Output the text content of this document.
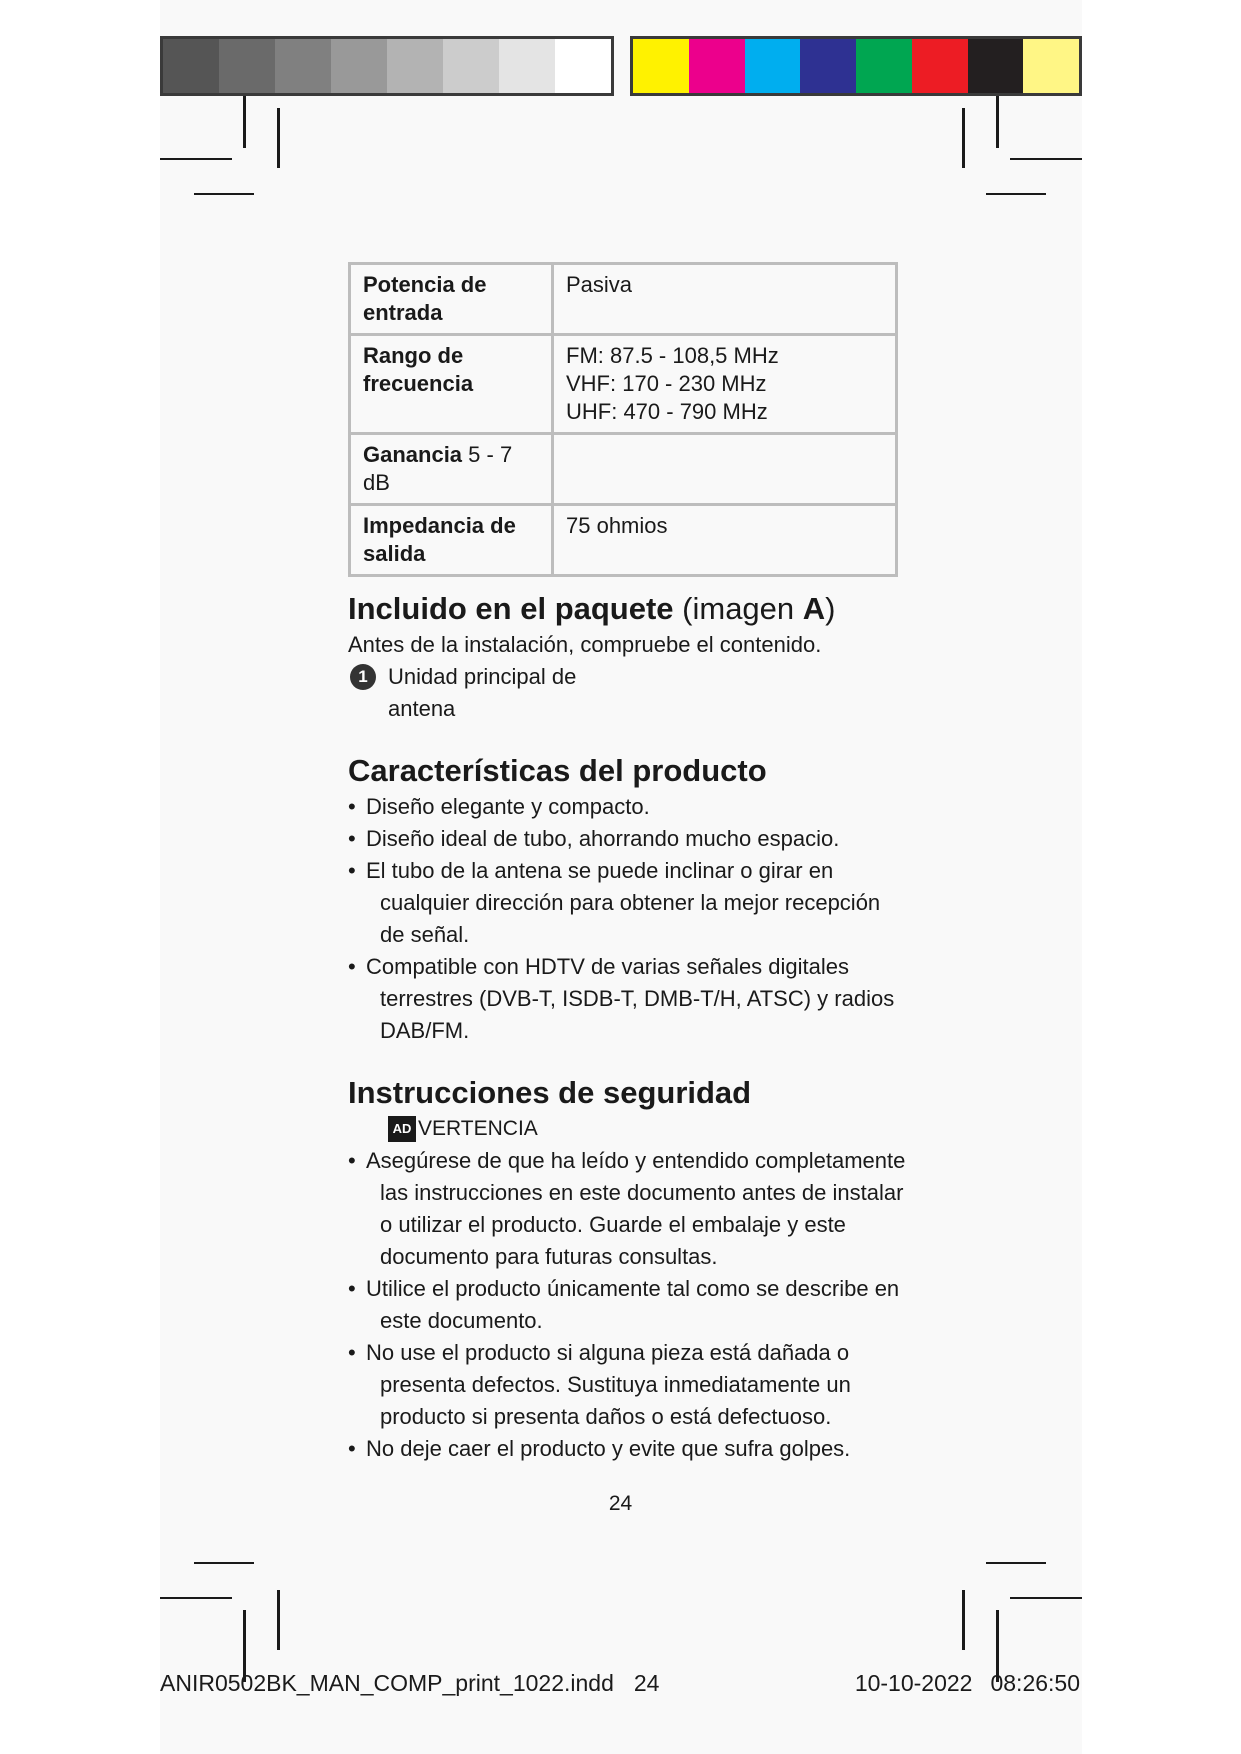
Potencia de entrada	Pasiva

Rango de frecuencia	FM: 87.5 - 108,5 MHz
VHF: 170 - 230 MHz
UHF: 470 - 790 MHz

Ganancia 5 - 7 dB	

Impedancia de salida	75 ohmios
Incluido en el paquete (imagen A)

Antes de la instalación, compruebe el contenido.

1 Unidad principal de antena
Características del producto
• Diseño elegante y compacto.
• Diseño ideal de tubo, ahorrando mucho espacio.
• El tubo de la antena se puede inclinar o girar en cualquier dirección para obtener la mejor recepción de señal.
• Compatible con HDTV de varias señales digitales terrestres (DVB-T, ISDB-T, DMB-T/H, ATSC) y radios DAB/FM.
Instrucciones de seguridad
AD VERTENCIA
• Asegúrese de que ha leído y entendido completamente las instrucciones en este documento antes de instalar o utilizar el producto. Guarde el embalaje y este documento para futuras consultas.
• Utilice el producto únicamente tal como se describe en este documento.
• No use el producto si alguna pieza está dañada o presenta defectos. Sustituya inmediatamente un producto si presenta daños o está defectuoso.
• No deje caer el producto y evite que sufra golpes.
24
ANIR0502BK_MAN_COMP_print_1022.indd 24	10-10-2022 08:26:50
